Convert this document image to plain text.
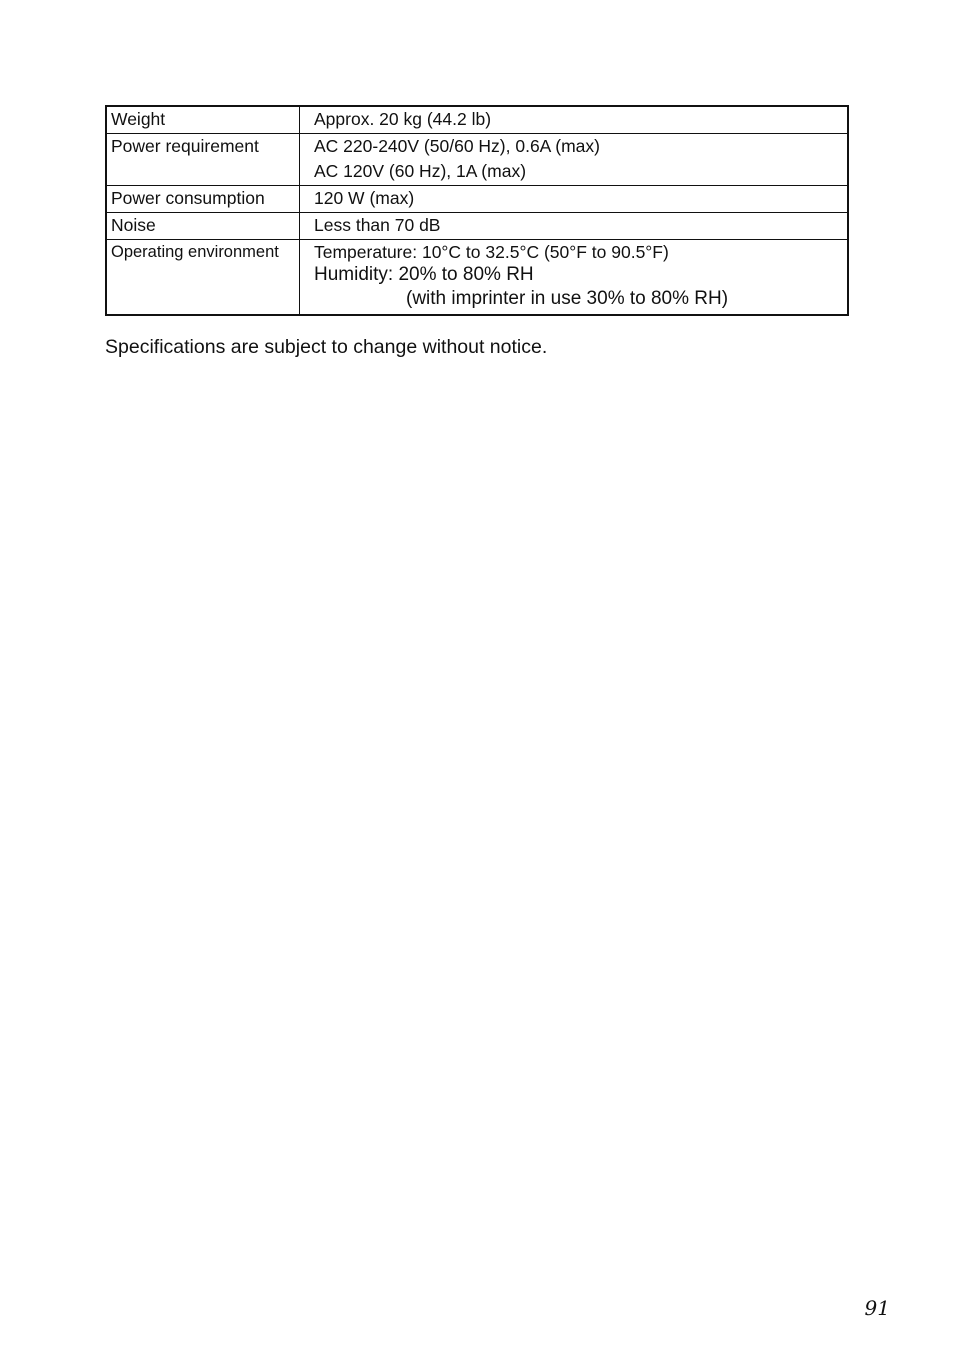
Weight	Approx. 20 kg (44.2 lb)
Power requirement	AC 220-240V (50/60 Hz), 0.6A (max)
AC 120V (60 Hz), 1A (max)
Power consumption	120 W (max)
Noise	Less than 70 dB
Operating environment	Temperature: 10°C to 32.5°C (50°F to 90.5°F)
Humidity: 20% to 80% RH
(with imprinter in use 30% to 80% RH)
Specifications are subject to change without notice.
91
